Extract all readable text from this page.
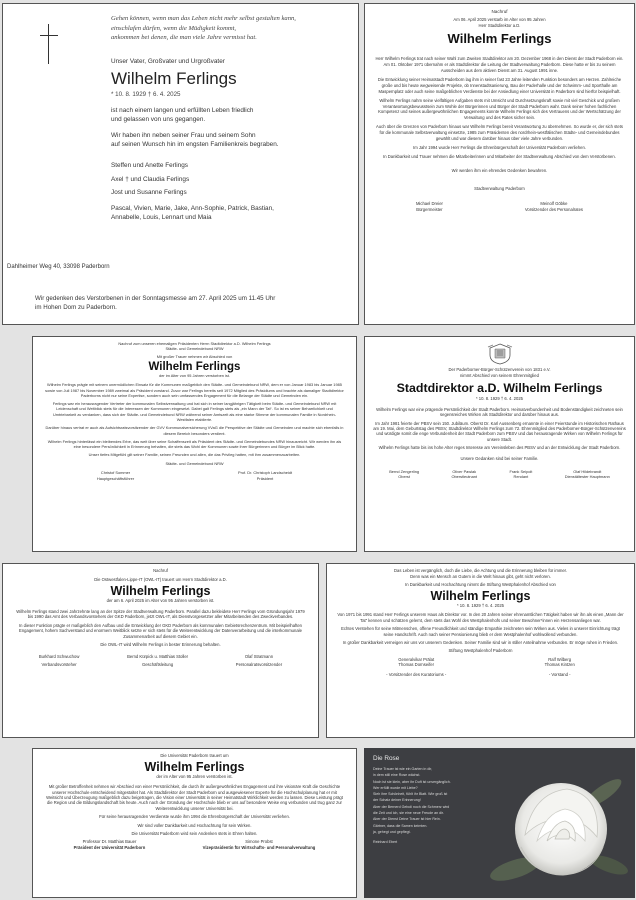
Gehen können, wenn man das Leben nicht mehr selbst gestalten kann,
einschlafen dürfen, wenn die Müdigkeit kommt,
ankommen bei denen, die man viele Jahre vermisst hat.
Unser Vater, Großvater und Urgroßvater
Wilhelm Ferlings
* 10. 8. 1929 † 6. 4. 2025
ist nach einem langen und erfüllten Leben friedlich
und gelassen von uns gegangen.
Wir haben ihn neben seiner Frau und seinem Sohn
auf seinen Wunsch hin im engsten Familienkreis begraben.
Steffen und Anette Ferlings
Axel † und Claudia Ferlings
Jost und Susanne Ferlings
Pascal, Vivien, Marie, Jake, Ann-Sophie, Patrick, Bastian,
Annabelle, Louis, Lennart und Maia
Dahlheimer Weg 40, 33098 Paderborn
Wir gedenken des Verstorbenen in der Sonntagsmesse am 27. April 2025 um 11.45 Uhr
im Hohen Dom zu Paderborn.
Nachruf
Am 06. April 2025 verstarb im Alter von 95 Jahren
Herr Stadtdirektor a.D.
Wilhelm Ferlings

Herr Wilhelm Ferlings trat nach seiner Wahl zum Zweiten Stadtdirektor am 20. Dezember 1968 in den Dienst der Stadt Paderborn ein. Am 01. Oktober 1971 übernahm er als Stadtdirektor die Leitung der Stadtverwaltung Paderborn. Diese hatte er bis zu seinem Ausscheiden aus dem aktiven Dienst am 31. August 1991 inne.

Die Entwicklung seiner Heimatstadt Paderborn lag ihm in seiner fast 23 Jahre leitenden Funktion besonders am Herzen. Zahlreiche große und bis heute wegweisende Projekte, ob Innenstadtsanierung, Bau der Paderhalle und der Schwimm- und Sporthalle am Maspernplatz oder auch seine maßgeblichen Verdienste bei der Ansiedlung einer Universität in Paderborn sind hierfür beispielhaft.

Wilhelm Ferlings nahm seine vielfältigen Aufgaben stets mit Umsicht und Durchsetzungskraft sowie mit viel Geschick und großem Verantwortungsbewusstsein zum Wohle der Bürgerinnen und Bürger der Stadt Paderborn wahr. Dank seiner hohen fachlichen Kompetenz und seines außergewöhnlichen Engagements konnte Wilhelm Ferlings sich des Vertrauens und der Wertschätzung der Verwaltung und des Rates sicher sein.

Auch über die Grenzen von Paderborn hinaus war Wilhelm Ferlings bereit Verantwortung zu übernehmen. So wurde er, der sich stets für die kommunale Selbstverwaltung einsetzte, 1985 zum Präsidenten des nordrhein-westfälischen Städte- und Gemeindebundes gewählt und war diesem darüber hinaus über viele Jahre verbunden.

Im Jahr 1994 wurde Herr Ferlings die Ehrenbürgerschaft der Universität Paderborn verliehen.

In Dankbarkeit und Trauer nehmen die Mitarbeiterinnen und Mitarbeiter der Stadtverwaltung Abschied von dem Verstorbenen.

Wir werden ihm ein ehrendes Gedenken bewahren.

Stadtverwaltung Paderborn
Michael Dreier
Bürgermeister
Meinolf Göbke
Vorsitzender des Personalrates
Nachruf zum unseren ehemaligen Präsidenten Herrn Stadtdirektor a.D. Wilhelm Ferlings
Städte- und Gemeindebund NRW
Mit großer Trauer nehmen wir Abschied von
Wilhelm Ferlings
der im Alter von 95 Jahren verstorben ist.

Wilhelm Ferlings prägte mit seinem unermüdlichen Einsatz für die Kommunen maßgeblich den Städte- und Gemeindebund NRW, dem er von Januar 1983 bis Januar 1985 sowie von Juli 1987 bis November 1989 zweimal als Präsident vorstand. Zuvor war Ferlings bereits seit 1972 Mitglied des Präsidiums und brachte als damaliger Stadtdirektor Paderborns nicht nur seine Expertise, sondern auch sein umfassendes Engagement für die Belange der Städte und Gemeinden ein.

Ferlings war ein herausragender Vertreter der kommunalen Selbstverwaltung und hat sich in seiner langjährigen Tätigkeit beim Städte- und Gemeindebund NRW mit Leidenschaft und Weitblick stets für die Interessen der Kommunen eingesetzt. Dabei galt Ferlings stets als „ein Mann der Tat“. So ist es seiner Beharrlichkeit und Umtriebarkeit zu verdanken, dass sich der Städte- und Gemeindebund NRW während seiner Amtszeit als eine starke Stimme der kommunalen Familie in Nordrhein-Westfalen etablierte.

Darüber hinaus vertrat er auch als Aufsichtsratsvorsitzender der GVV Kommunalversicherung VVaG die Perspektive der Städte und Gemeinden und machte sich ebenfalls in diesem Bereich besonders verdient.

Wilhelm Ferlings hinterlässt ein bleibendes Erbe, das weit über seine Schaffenszeit als Präsident des Städte- und Gemeindebundes NRW hinausreicht. Wir werden ihn als eine besondere Persönlichkeit in Erinnerung behalten, die stets das Wohl der Kommunen sowie ihrer Bürgerinnen und Bürger im Blick hatte.

Unser tiefes Mitgefühl gilt seiner Familie, seinen Freunden und allen, die das Privileg hatten, mit ihm zusammenzuarbeiten.

Städte- und Gemeindebund NRW
Christof Sommer
Hauptgeschäftsführer
Prof. Dr. Christoph Landscheidt
Präsident
Der Paderborner-Bürger-Schützenverein von 1831 e.V.
nimmt Abschied von seinem Ehrenmitglied
Stadtdirektor a.D. Wilhelm Ferlings
* 10. 8. 1929 † 6. 4. 2025

Wilhelm Ferlings war eine prägende Persönlichkeit der Stadt Paderborn. Heimatverbundenheit und Bodenständigkeit zeichneten sein segensreiches Wirken als Stadtdirektor und darüber hinaus aus.

Im Jahr 1981 feierte der PBSV sein 150. Jubiläum. Oberst Dr. Karl Aussenberg ernannte in einer Feierstunde im Historischen Rathaus am 19. Mai, dem Geburtstag des PBSV, Stadtdirektor Wilhelm Ferlings zum 72. Ehrenmitglied des Paderborner-Bürger-Schützenvereins und würdigte somit die enge Verbundenheit der Stadt Paderborn zum PBSV und das herausragende Wirken von Wilhelm Ferlings für unsere Stadt.

Wilhelm Ferlings hatte bis ins hohe Alter reges Interesse am Vereinsleben des PBSV und an der Entwicklung der Stadt Paderborn.

Unsere Gedanken sind bei seiner Familie.

Bernd Zengerling
Oberst
Oliver Pawlak
Oberstleutnant
Frank Seipolt
Rendant
Olaf Hildebrandt
Dienstältester Hauptmann
Nachruf
Die Ostwestfalen-Lippe-IT (OWL-IT) trauert um Herrn Stadtdirektor a.D.
Wilhelm Ferlings
der am 6. April 2025 im Alter von 95 Jahren verstorben ist.

Wilhelm Ferlings stand zwei Jahrzehnte lang an der Spitze der Stadtverwaltung Paderborn. Parallel dazu bekleidete Herr Ferlings vom Gründungsjahr 1979 bis 1990 das Amt des Verbandsvorstehers der GKD Paderborn, jetzt OWL-IT, als Dienstvorgesetzter aller Mitarbeitenden des Zweckverbandes.

In dieser Funktion prägte er maßgeblich den Aufbau und die Entwicklung der GKD Paderborn als kommunalen Gebietsrechenzentrum. Mit beispielhaften Engagement, hohem Sachverstand und enormem Weitblick setzte er sich stets für die Weiterentwicklung der Datenverarbeitung und die interkommunale Zusammenarbeit auf diesem Gebiet ein.

Die OWL-IT wird Wilhelm Ferlings in bester Erinnerung behalten.

Burkhard Schwuchow
Verbandsvorsteher
Bernd Kürpick u. Matthias Stoller
Geschäftsleitung
Olaf Stratmann
Personalratsvorsitzender
Das Leben ist vergänglich, doch die Liebe, die Achtung und die Erinnerung bleiben für immer.
Denn was ein Mensch an Gutem in die Welt hinaus gibt, geht nicht verloren.
In Dankbarkeit und Hochachtung nimmt die Stiftung Westphalenhof Abschied von
Wilhelm Ferlings
* 10. 8. 1929 † 6. 4. 2025

Von 1971 bis 1991 stand Herr Ferlings unserem Haus als Direktor vor. In den 20 Jahren seiner ehrenamtlichen Tätigkeit haben wir ihn als einen „Mann der Tat“ kennen und schätzen gelernt, dem stets das Wohl des Westphalenhofs und seiner Bewohner*innen ein Herzensanliegen war.

Echtes Verstehen für seine Mitmenschen, offene Freundlichkeit und ständige Empathie zeichneten sein Wirken aus. Vieles in unserer Einrichtung trägt seine Handschrift. Auch nach seiner Pensionierung blieb er dem Westphalenhof wohlwollend verbunden.

In großer Dankbarkeit verneigen wir uns vor unserem Gedenken. Seiner Familie sind wir in stiller Anteilnahme verbunden. Er möge ruhen in Frieden.

Stiftung Westphalenhof Paderborn
Generalvikar Prälat
Thomas Dornseifer
- Vorsitzender des Kuratoriums -
Ralf Wilberg
Thomas Kintzen
- Vorstand -
Die Universität Paderborn trauert um
Wilhelm Ferlings
der im Alter von 95 Jahren verstorben ist.

Mit großer Betroffenheit nehmen wir Abschied von einer Persönlichkeit, die durch ihr außergewöhnliches Engagement und ihre visionäre Kraft die Geschichte unserer Hochschule entscheidend mitgestaltet hat. Als Stadtdirektor der Stadt Paderborn und ausgewiesener Experte für die Hochschulplanung hat er mit Weitsicht und Überzeugung maßgeblich dazu beigetragen, die Vision einer Universität in seiner Heimatstadt Wirklichkeit werden zu lassen. Diese Leistung prägt die Region und die Bildungslandschaft bis heute. Auch nach der Gründung der Hochschule blieb er uns auf besondere Weise eng verbunden und trug ganz zur Weiterentwicklung unserer Universität bei.

Für seine herausragenden Verdienste wurde ihm 1994 die Ehrenbürgerschaft der Universität verliehen.

Wir sind voller Dankbarkeit und Hochachtung für sein Wirken.

Die Universität Paderborn wird sein Andenken stets in Ehren halten.

Professor Dr. Matthias Bauer
Präsident der Universität Paderborn
Simone Probst
Vizepräsidentin für Wirtschafts- und Personalverwaltung
Die Rose
Deine Trauer ist wie ein Garten in dir,
in dem still eine Rose wächst.
Noch ist sie klein, aber ihr Duft ist unvergänglich.
Wer erfüllt wurde mit Liebe?
Sieh ihre Schönheit, fühlt ihr Blatt. Wie groß ist
der Schatz deiner Erinnerung!
Aber der Bernerd Geboli noch die Schmerz wird
die Zeit und ich, sie eine neue Freude an dir.
Aber der Dienst Deine Trauer ist hier Rein.
Gärtner, dass die Samen keimten.
ja, gehegt und gepflegt.
Reinhard Ebert
